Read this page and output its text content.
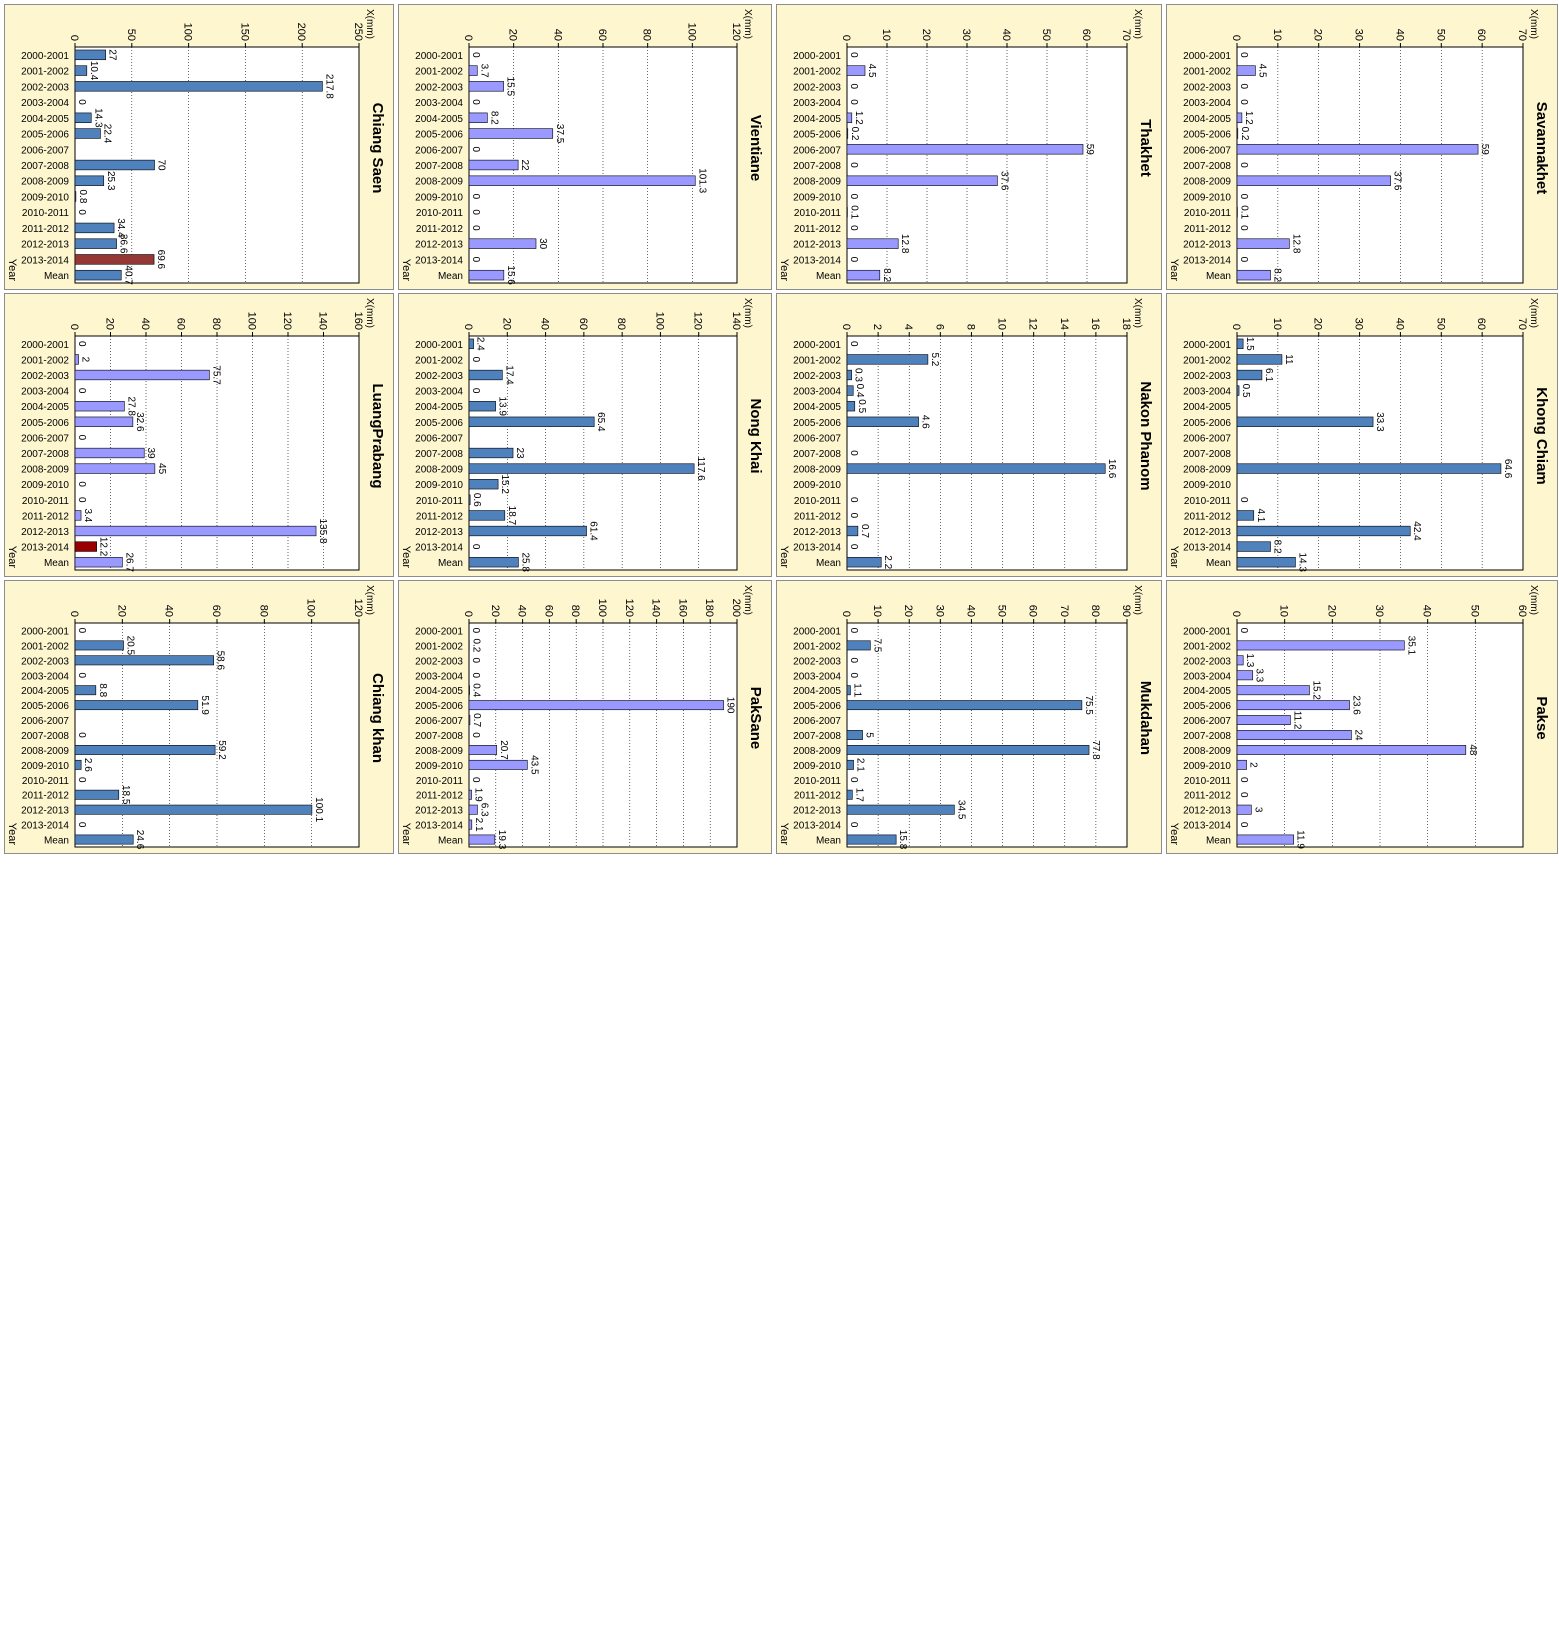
Chiang Saen
0	50	100	150	200	250 X(mm)
27
2000-2001
10.4
2001-2002
217.8
2002-2003
0
2003-2004
14.3
2004-2005
22.4
2005-2006
2006-2007
70
2007-2008
25.3
2008-2009
0.8
2009-2010
0
2010-2011
34.4
2011-2012
36.6
2012-2013
69.6
2013-2014
40.7
Mean
Year
LuangPrabang
0 20 40 60 80 100 120 140 160 X(mm)
0
2000-2001
2
2001-2002
75.7
2002-2003
0
2003-2004
27.8
2004-2005
32.6
2005-2006
0
2006-2007
39
2007-2008
45
2008-2009
0
2009-2010
0
2010-2011
3.4
2011-2012
135.8
2012-2013
12.2
2013-2014
26.7
Mean
Year
Chiang khan
0	20	40	60	80	100	120 X(mm)
0
2000-2001
20.5
2001-2002
58.6
2002-2003
0
2003-2004
8.8
2004-2005
51.9
2005-2006
2006-2007
0
2007-2008
59.2
2008-2009
2.6
2009-2010
0
2010-2011
18.5
2011-2012
100.1
2012-2013
0
2013-2014
24.6
Mean
Year
Vientiane
0	20	40	60	80	100	120 X(mm)
0
2000-2001
3.7
2001-2002
15.5
2002-2003
0
2003-2004
8.2
2004-2005
37.5
2005-2006
0
2006-2007
22
2007-2008
101.3
2008-2009
0
2009-2010
0
2010-2011
0
2011-2012
30
2012-2013
0
2013-2014
15.6
Mean
Year
Nong Khai
0 20 40 60 80 100 120 140 X(mm)
2.4
2000-2001
0
2001-2002
17.4
2002-2003
0
2003-2004
13.9
2004-2005
65.4
2005-2006
2006-2007
23
2007-2008
117.6
2008-2009
15.2
2009-2010
0.6
2010-2011
18.7
2011-2012
61.4
2012-2013
0
2013-2014
25.8
Mean
Year
PakSane
0 20 40 60 80 100 120 140 160 180 200 X(mm)
0
2000-2001
0.2
2001-2002
0
2002-2003
0
2003-2004
0.4
2004-2005
190
2005-2006
0.7
2006-2007
0
2007-2008
20.7
2008-2009
43.5
2009-2010
0
2010-2011
1.9
2011-2012
6.3
2012-2013
2.1
2013-2014
19.3
Mean
Year
Thakhet
0	10	20	30	40	50	60	70 X(mm)
0
2000-2001
4.5
2001-2002
0
2002-2003
0
2003-2004
1.2
2004-2005
0.2
2005-2006
59
2006-2007
0
2007-2008
37.6
2008-2009
0
2009-2010
0.1
2010-2011
0
2011-2012
12.8
2012-2013
0
2013-2014
8.2
Mean
Year
Nakon Phanom
0 2 4 6 8 10 12 14 16 18 X(mm)
0
2000-2001
5.2
2001-2002
0.3
2002-2003
0.4
2003-2004
0.5
2004-2005
4.6
2005-2006
2006-2007
0
2007-2008
16.6
2008-2009
2009-2010
0
2010-2011
0
2011-2012
0.7
2012-2013
0
2013-2014
2.2
Mean
Year
Mukdahan
0 10 20 30 40 50 60 70 80 90 X(mm)
0
2000-2001
7.5
2001-2002
0
2002-2003
0
2003-2004
1.1
2004-2005
75.5
2005-2006
2006-2007
5
2007-2008
77.8
2008-2009
2.1
2009-2010
0
2010-2011
1.7
2011-2012
34.5
2012-2013
0
2013-2014
15.8
Mean
Year
Savannakhet
0	10	20	30	40	50	60	70 X(mm)
0
2000-2001
4.5
2001-2002
0
2002-2003
0
2003-2004
1.2
2004-2005
0.2
2005-2006
59
2006-2007
0
2007-2008
37.6
2008-2009
0
2009-2010
0.1
2010-2011
0
2011-2012
12.8
2012-2013
0
2013-2014
8.2
Mean
Year
Khong Chiam
0	10	20	30	40	50	60	70 X(mm)
1.5
2000-2001
11
2001-2002
6.1
2002-2003
0.5
2003-2004
2004-2005
33.3
2005-2006
2006-2007
2007-2008
64.6
2008-2009
2009-2010
0
2010-2011
4.1
2011-2012
42.4
2012-2013
8.2
2013-2014
14.3
Mean
Year
Pakse
0	10	20	30	40	50	60 X(mm)
0
2000-2001
35.1
2001-2002
1.3
2002-2003
3.3
2003-2004
15.2
2004-2005
23.6
2005-2006
11.2
2006-2007
24
2007-2008
48
2008-2009
2
2009-2010
0
2010-2011
0
2011-2012
3
2012-2013
0
2013-2014
11.9
Mean
Year
